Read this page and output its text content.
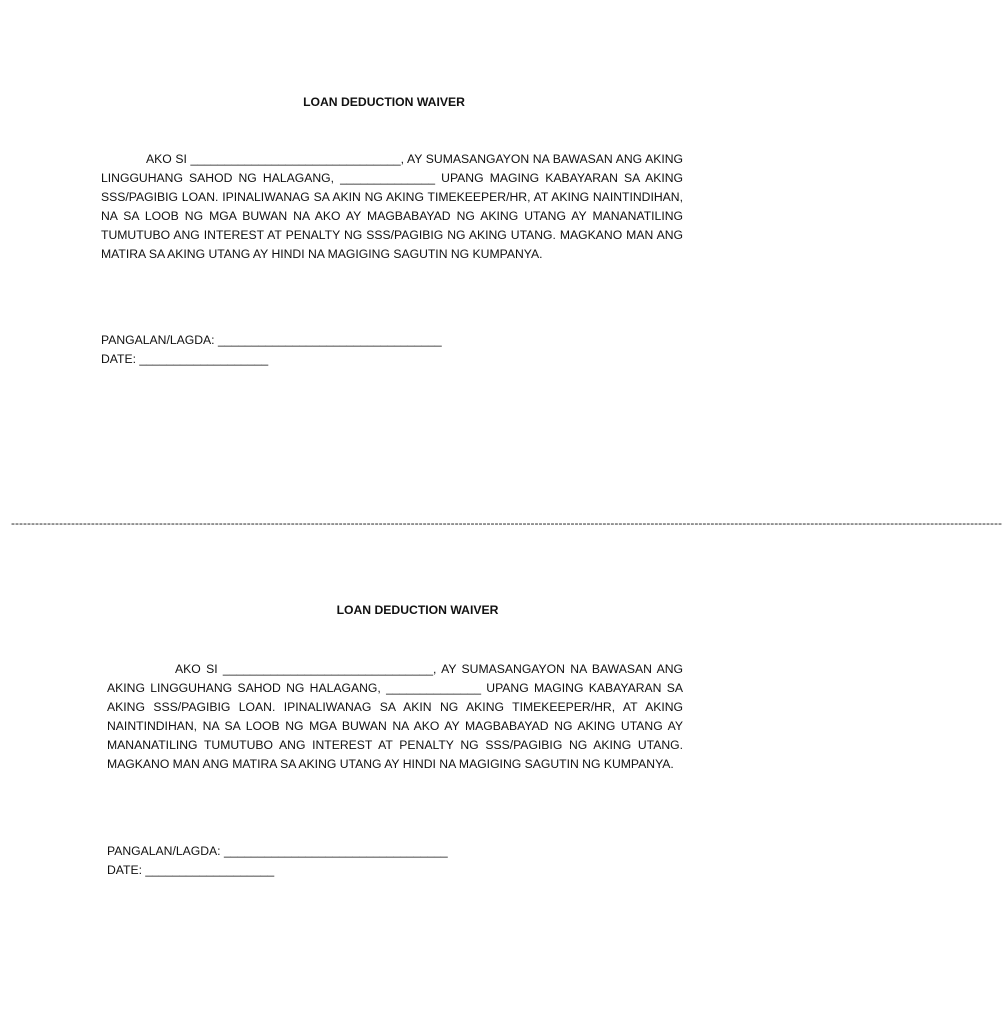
LOAN DEDUCTION WAIVER

AKO SI _______________________________, AY SUMASANGAYON NA BAWASAN ANG AKING LINGGUHANG SAHOD NG HALAGANG, ______________ UPANG MAGING KABAYARAN SA AKING SSS/PAGIBIG LOAN. IPINALIWANAG SA AKIN NG AKING TIMEKEEPER/HR, AT AKING NAINTINDIHAN, NA SA LOOB NG MGA BUWAN NA AKO AY MAGBABAYAD NG AKING UTANG AY MANANATILING TUMUTUBO ANG INTEREST AT PENALTY NG SSS/PAGIBIG NG AKING UTANG. MAGKANO MAN ANG MATIRA SA AKING UTANG AY HINDI NA MAGIGING SAGUTIN NG KUMPANYA.

PANGALAN/LAGDA: _________________________________
DATE: ___________________
--------------------------------------------------------------------------------------------------------------------------------------------------------------------------------------------------------------------------------------------------------
LOAN DEDUCTION WAIVER

AKO SI _______________________________, AY SUMASANGAYON NA BAWASAN ANG AKING LINGGUHANG SAHOD NG HALAGANG, ______________ UPANG MAGING KABAYARAN SA AKING SSS/PAGIBIG LOAN. IPINALIWANAG SA AKIN NG AKING TIMEKEEPER/HR, AT AKING NAINTINDIHAN, NA SA LOOB NG MGA BUWAN NA AKO AY MAGBABAYAD NG AKING UTANG AY MANANATILING TUMUTUBO ANG INTEREST AT PENALTY NG SSS/PAGIBIG NG AKING UTANG. MAGKANO MAN ANG MATIRA SA AKING UTANG AY HINDI NA MAGIGING SAGUTIN NG KUMPANYA.

PANGALAN/LAGDA: _________________________________
DATE: ___________________
